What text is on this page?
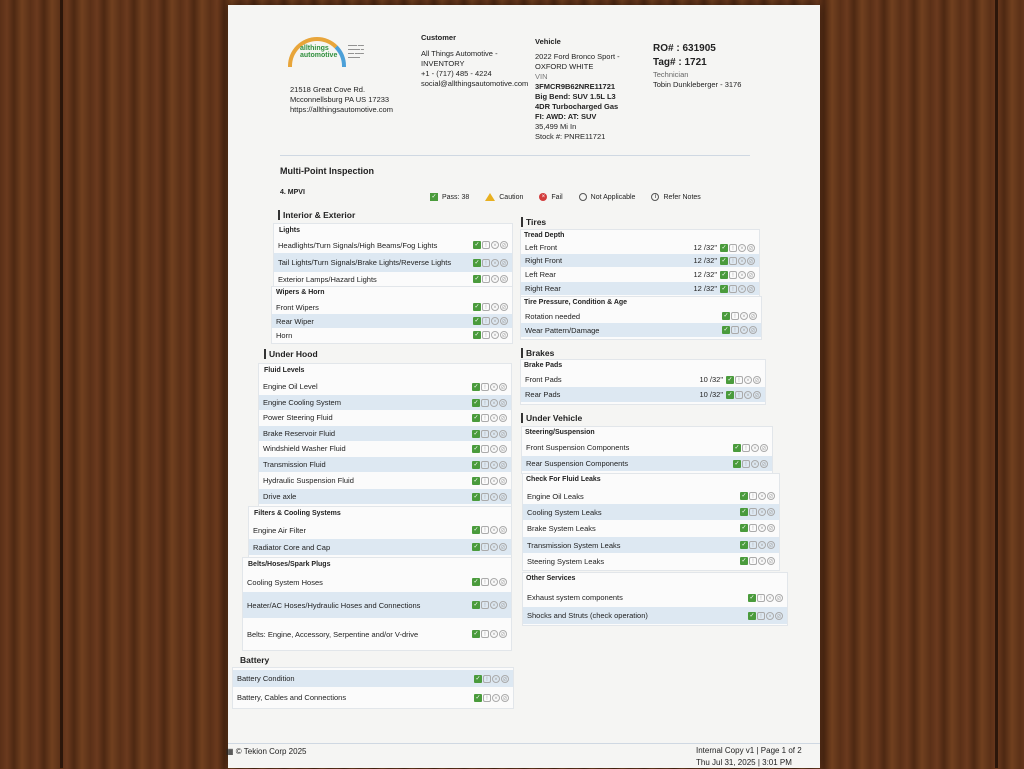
allthings automotive
▬▬▬ ▬▬
▬▬▬▬ ▬
▬▬ ▬▬▬
▬▬▬▬
21518 Great Cove Rd.
Mcconnellsburg PA US 17233
https://allthingsautomotive.com
Customer
All Things Automotive - INVENTORY
+1 - (717) 485 - 4224
social@allthingsautomotive.com
Vehicle
2022 Ford Bronco Sport - OXFORD WHITE
VIN
3FMCR9B62NRE11721
Big Bend: SUV 1.5L L3
4DR Turbocharged Gas
FI: AWD: AT: SUV
35,499 Mi In
Stock #: PNRE11721
RO# : 631905
Tag# : 1721
Technician
Tobin Dunkleberger - 3176
Multi-Point Inspection
4. MPVI
✓ Pass: 38	Caution	× Fail	Not Applicable	i	Refer Notes
Interior & Exterior
Lights
Headlights/Turn Signals/High Beams/Fog Lights	✓ !	× ⊘
Tail Lights/Turn Signals/Brake Lights/Reverse Lights	✓ !	× ⊘
Exterior Lamps/Hazard Lights	✓ !	× ⊘
Wipers & Horn
Front Wipers	✓ !	× ⊘
Rear Wiper	✓ !	× ⊘
Horn	✓ !	× ⊘
Under Hood
Fluid Levels
Engine Oil Level	✓ !	× ⊘
Engine Cooling System	✓ !	× ⊘
Power Steering Fluid	✓ !	× ⊘
Brake Reservoir Fluid	✓ !	× ⊘
Windshield Washer Fluid	✓ !	× ⊘
Transmission Fluid	✓ !	× ⊘
Hydraulic Suspension Fluid	✓ !	× ⊘
Drive axle	✓ !	× ⊘
Filters & Cooling Systems
Engine Air Filter	✓ !	× ⊘
Radiator Core and Cap	✓ !	× ⊘
Belts/Hoses/Spark Plugs
Cooling System Hoses	✓ !	× ⊘
Heater/AC Hoses/Hydraulic Hoses and Connections	✓ !	× ⊘
Belts: Engine, Accessory, Serpentine and/or V-drive	✓ !	× ⊘
Battery
Battery Condition	✓ !	× ⊘
Battery, Cables and Connections	✓ !	× ⊘
Tires
Tread Depth
Left Front	12 /32" ✓ !	× ⊘
Right Front	12 /32" ✓ !	× ⊘
Left Rear	12 /32" ✓ !	× ⊘
Right Rear	12 /32" ✓ !	× ⊘
Tire Pressure, Condition & Age
Rotation needed	✓ !	× ⊘
Wear Pattern/Damage	✓ !	× ⊘
Brakes
Brake Pads
Front Pads	10 /32" ✓ !	× ⊘
Rear Pads	10 /32" ✓ !	× ⊘
Under Vehicle
Steering/Suspension
Front Suspension Components	✓ !	× ⊘
Rear Suspension Components	✓ !	× ⊘
Check For Fluid Leaks
Engine Oil Leaks	✓ !	× ⊘
Cooling System Leaks	✓ !	× ⊘
Brake System Leaks	✓ !	× ⊘
Transmission System Leaks	✓ !	× ⊘
Steering System Leaks	✓ !	× ⊘
Other Services
Exhaust system components	✓ !	× ⊘
Shocks and Struts (check operation)	✓ !	× ⊘
▦ © Tekion Corp 2025	Internal Copy v1 | Page 1 of 2
Thu Jul 31, 2025 | 3:01 PM
